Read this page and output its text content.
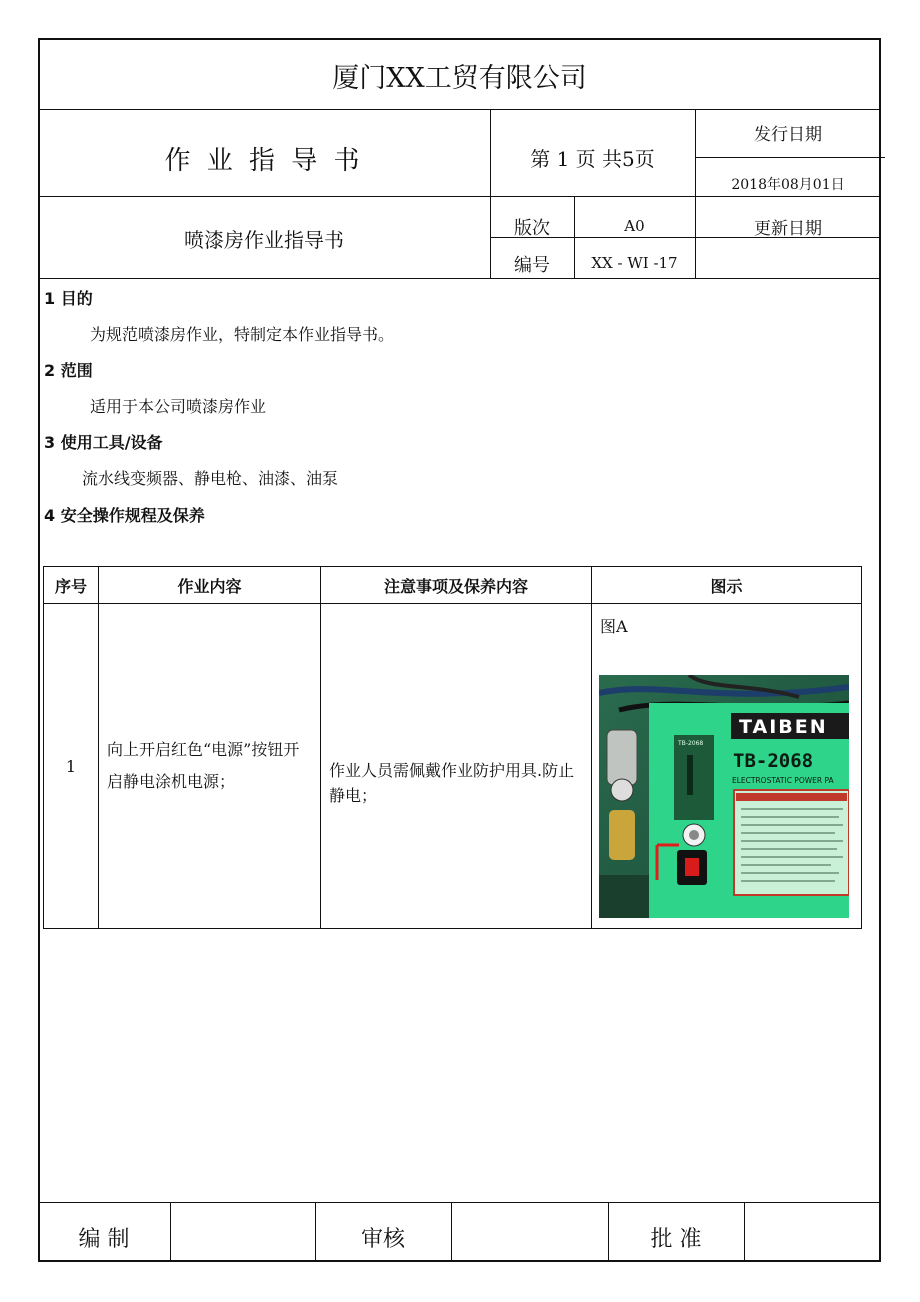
厦门XX工贸有限公司
作 业 指 导 书	第 1 页 共5页
发行日期
2018年08月01日
喷漆房作业指导书	版次	A0	更新日期
编号	XX - WI -17
1 目的
为规范喷漆房作业，特制定本作业指导书。
2 范围
适用于本公司喷漆房作业
3 使用工具/设备
流水线变频器、静电枪、油漆、油泵
4 安全操作规程及保养
序号	作业内容	注意事项及保养内容	图示
1	向上开启红色“电源”按钮开启静电涂机电源；	作业人员需佩戴作业防护用具.防止静电；	图A
TAIBEN
TB-2068
ELECTROSTATIC POWER PA
TB-2068
编 制	审核	批 准
